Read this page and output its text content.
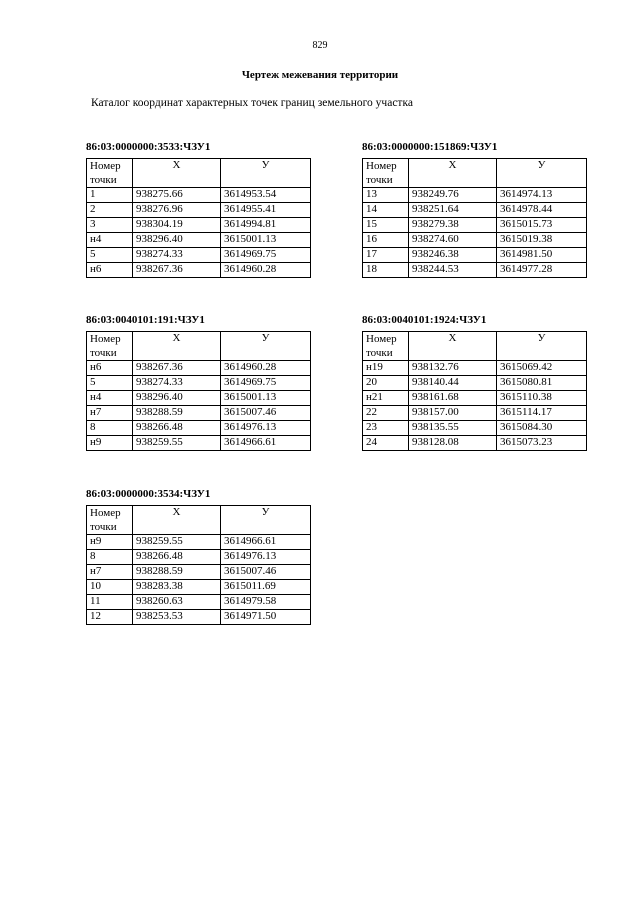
829
Чертеж межевания территории
Каталог координат характерных точек границ земельного участка
86:03:0000000:3533:ЧЗУ1
Номер точки	Х	У
1	938275.66	3614953.54
2	938276.96	3614955.41
3	938304.19	3614994.81
н4	938296.40	3615001.13
5	938274.33	3614969.75
н6	938267.36	3614960.28
86:03:0000000:151869:ЧЗУ1
Номер точки	Х	У
13	938249.76	3614974.13
14	938251.64	3614978.44
15	938279.38	3615015.73
16	938274.60	3615019.38
17	938246.38	3614981.50
18	938244.53	3614977.28
86:03:0040101:191:ЧЗУ1
Номер точки	Х	У
н6	938267.36	3614960.28
5	938274.33	3614969.75
н4	938296.40	3615001.13
н7	938288.59	3615007.46
8	938266.48	3614976.13
н9	938259.55	3614966.61
86:03:0040101:1924:ЧЗУ1
Номер точки	Х	У
н19	938132.76	3615069.42
20	938140.44	3615080.81
н21	938161.68	3615110.38
22	938157.00	3615114.17
23	938135.55	3615084.30
24	938128.08	3615073.23
86:03:0000000:3534:ЧЗУ1
Номер точки	Х	У
н9	938259.55	3614966.61
8	938266.48	3614976.13
н7	938288.59	3615007.46
10	938283.38	3615011.69
11	938260.63	3614979.58
12	938253.53	3614971.50
